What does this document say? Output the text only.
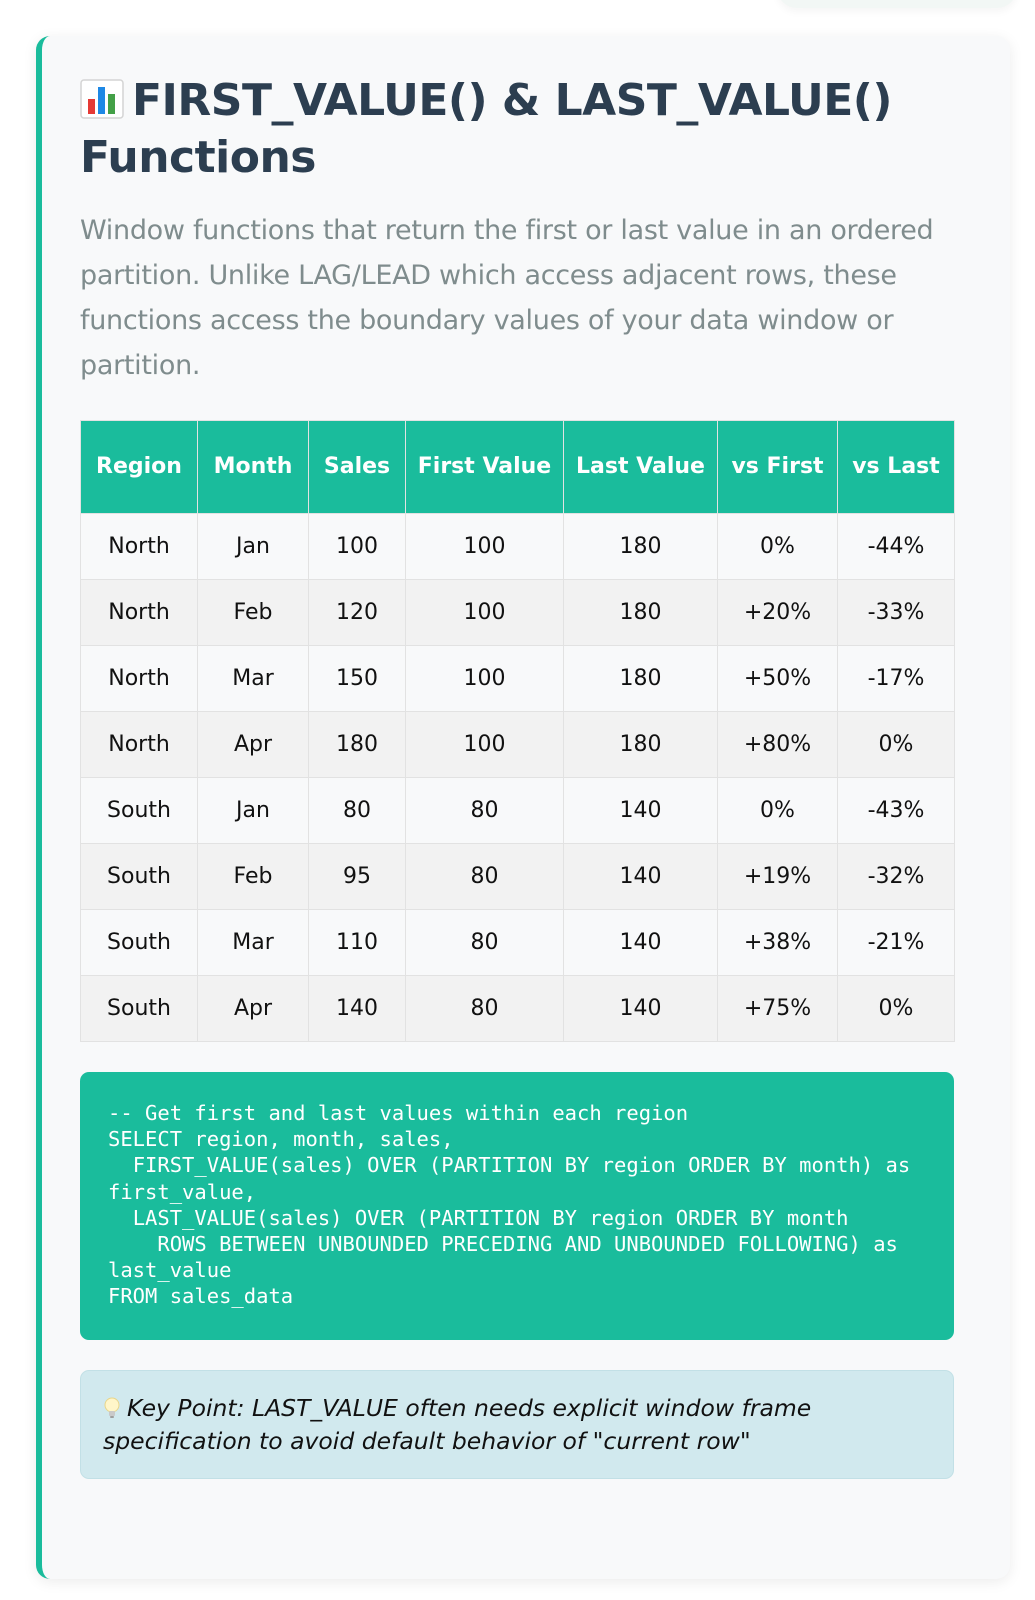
FIRST_VALUE() & LAST_VALUE() Functions

Window functions that return the first or last value in an ordered partition. Unlike LAG/LEAD which access adjacent rows, these functions access the boundary values of your data window or partition.

Region	Month	Sales	First Value	Last Value	vs First	vs Last
North	Jan	100	100	180	0%	-44%
North	Feb	120	100	180	+20%	-33%
North	Mar	150	100	180	+50%	-17%
North	Apr	180	100	180	+80%	0%
South	Jan	80	80	140	0%	-43%
South	Feb	95	80	140	+19%	-32%
South	Mar	110	80	140	+38%	-21%
South	Apr	140	80	140	+75%	0%
-- Get first and last values within each region
SELECT region, month, sales,
FIRST_VALUE(sales) OVER (PARTITION BY region ORDER BY month) as first_value,
LAST_VALUE(sales) OVER (PARTITION BY region ORDER BY month
ROWS BETWEEN UNBOUNDED PRECEDING AND UNBOUNDED FOLLOWING) as last_value
FROM sales_data
Key Point: LAST_VALUE often needs explicit window frame specification to avoid default behavior of "current row"
